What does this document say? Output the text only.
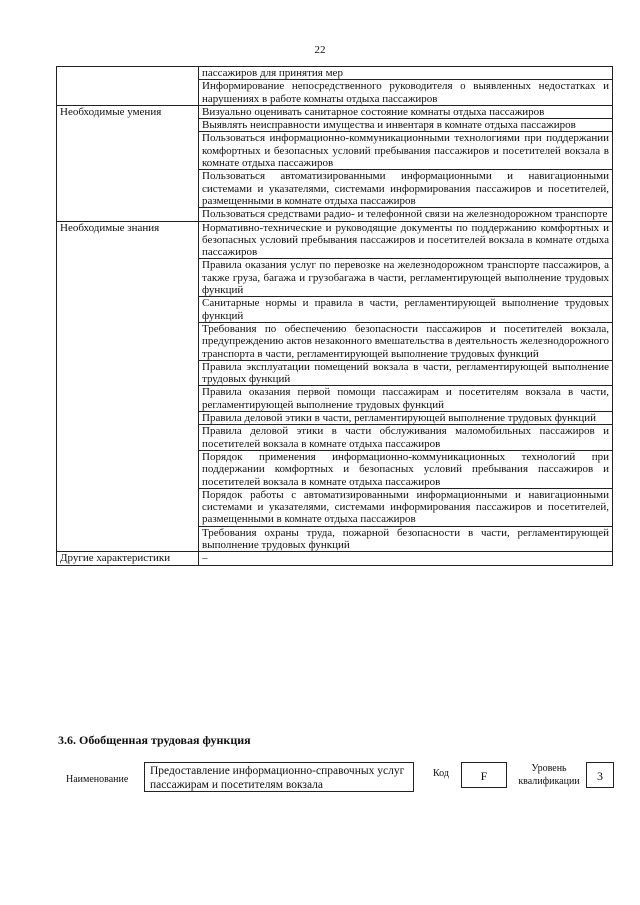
22
	пассажиров для принятия мер
	Информирование непосредственного руководителя о выявленных недостатках и нарушениях в работе комнаты отдыха пассажиров
Необходимые умения	Визуально оценивать санитарное состояние комнаты отдыха пассажиров
	Выявлять неисправности имущества и инвентаря в комнате отдыха пассажиров
	Пользоваться информационно-коммуникационными технологиями при поддержании комфортных и безопасных условий пребывания пассажиров и посетителей вокзала в комнате отдыха пассажиров
	Пользоваться автоматизированными информационными и навигационными системами и указателями, системами информирования пассажиров и посетителей, размещенными в комнате отдыха пассажиров
	Пользоваться средствами радио- и телефонной связи на железнодорожном транспорте
Необходимые знания	Нормативно-технические и руководящие документы по поддержанию комфортных и безопасных условий пребывания пассажиров и посетителей вокзала в комнате отдыха пассажиров
	Правила оказания услуг по перевозке на железнодорожном транспорте пассажиров, а также груза, багажа и грузобагажа в части, регламентирующей выполнение трудовых функций
	Санитарные нормы и правила в части, регламентирующей выполнение трудовых функций
	Требования по обеспечению безопасности пассажиров и посетителей вокзала, предупреждению актов незаконного вмешательства в деятельность железнодорожного транспорта в части, регламентирующей выполнение трудовых функций
	Правила эксплуатации помещений вокзала в части, регламентирующей выполнение трудовых функций
	Правила оказания первой помощи пассажирам и посетителям вокзала в части, регламентирующей выполнение трудовых функций
	Правила деловой этики в части, регламентирующей выполнение трудовых функций
	Правила деловой этики в части обслуживания маломобильных пассажиров и посетителей вокзала в комнате отдыха пассажиров
	Порядок применения информационно-коммуникационных технологий при поддержании комфортных и безопасных условий пребывания пассажиров и посетителей вокзала в комнате отдыха пассажиров
	Порядок работы с автоматизированными информационными и навигационными системами и указателями, системами информирования пассажиров и посетителей, размещенными в комнате отдыха пассажиров
	Требования охраны труда, пожарной безопасности в части, регламентирующей выполнение трудовых функций
Другие характеристики	–
3.6. Обобщенная трудовая функция
Наименование
Предоставление информационно-справочных услуг пассажирам и посетителям вокзала
Код	F
Уровень квалификации	3
